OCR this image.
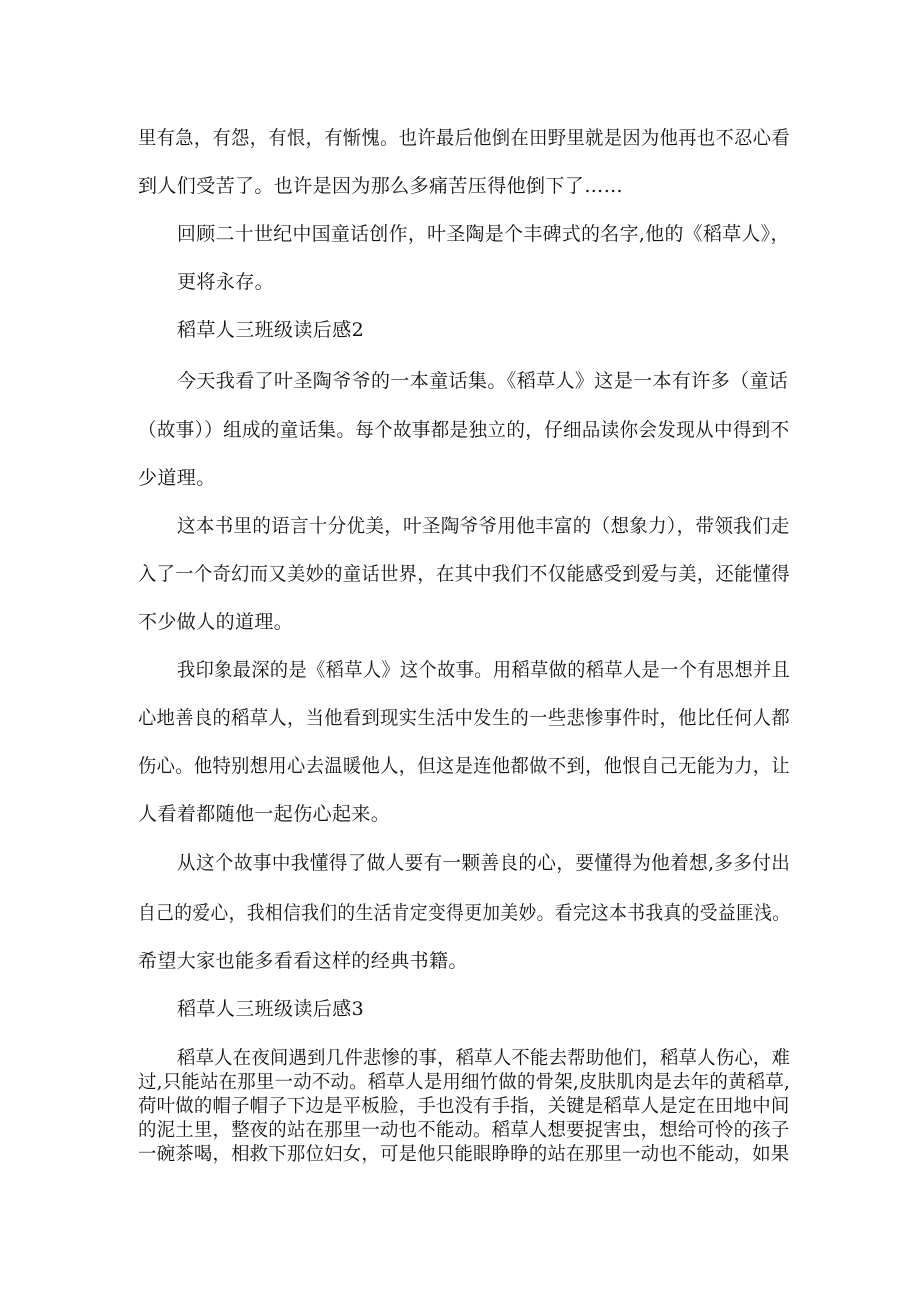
里有急，有怨，有恨，有惭愧。也许最后他倒在田野里就是因为他再也不忍心看
到人们受苦了。也许是因为那么多痛苦压得他倒下了……
回顾二十世纪中国童话创作，叶圣陶是个丰碑式的名字,他的《稻草人》，
更将永存。
稻草人三班级读后感2
今天我看了叶圣陶爷爷的一本童话集。《稻草人》这是一本有许多（童话
（故事））组成的童话集。每个故事都是独立的，仔细品读你会发现从中得到不
少道理。
这本书里的语言十分优美，叶圣陶爷爷用他丰富的（想象力），带领我们走
入了一个奇幻而又美妙的童话世界，在其中我们不仅能感受到爱与美，还能懂得
不少做人的道理。
我印象最深的是《稻草人》这个故事。用稻草做的稻草人是一个有思想并且
心地善良的稻草人，当他看到现实生活中发生的一些悲惨事件时，他比任何人都
伤心。他特别想用心去温暖他人，但这是连他都做不到，他恨自己无能为力，让
人看着都随他一起伤心起来。
从这个故事中我懂得了做人要有一颗善良的心，要懂得为他着想,多多付出
自己的爱心，我相信我们的生活肯定变得更加美妙。看完这本书我真的受益匪浅。
希望大家也能多看看这样的经典书籍。
稻草人三班级读后感3
稻草人在夜间遇到几件悲惨的事，稻草人不能去帮助他们，稻草人伤心，难
过,只能站在那里一动不动。稻草人是用细竹做的骨架,皮肤肌肉是去年的黄稻草,
荷叶做的帽子帽子下边是平板脸，手也没有手指，关键是稻草人是定在田地中间
的泥土里，整夜的站在那里一动也不能动。稻草人想要捉害虫，想给可怜的孩子
一碗茶喝，相救下那位妇女，可是他只能眼睁睁的站在那里一动也不能动，如果
